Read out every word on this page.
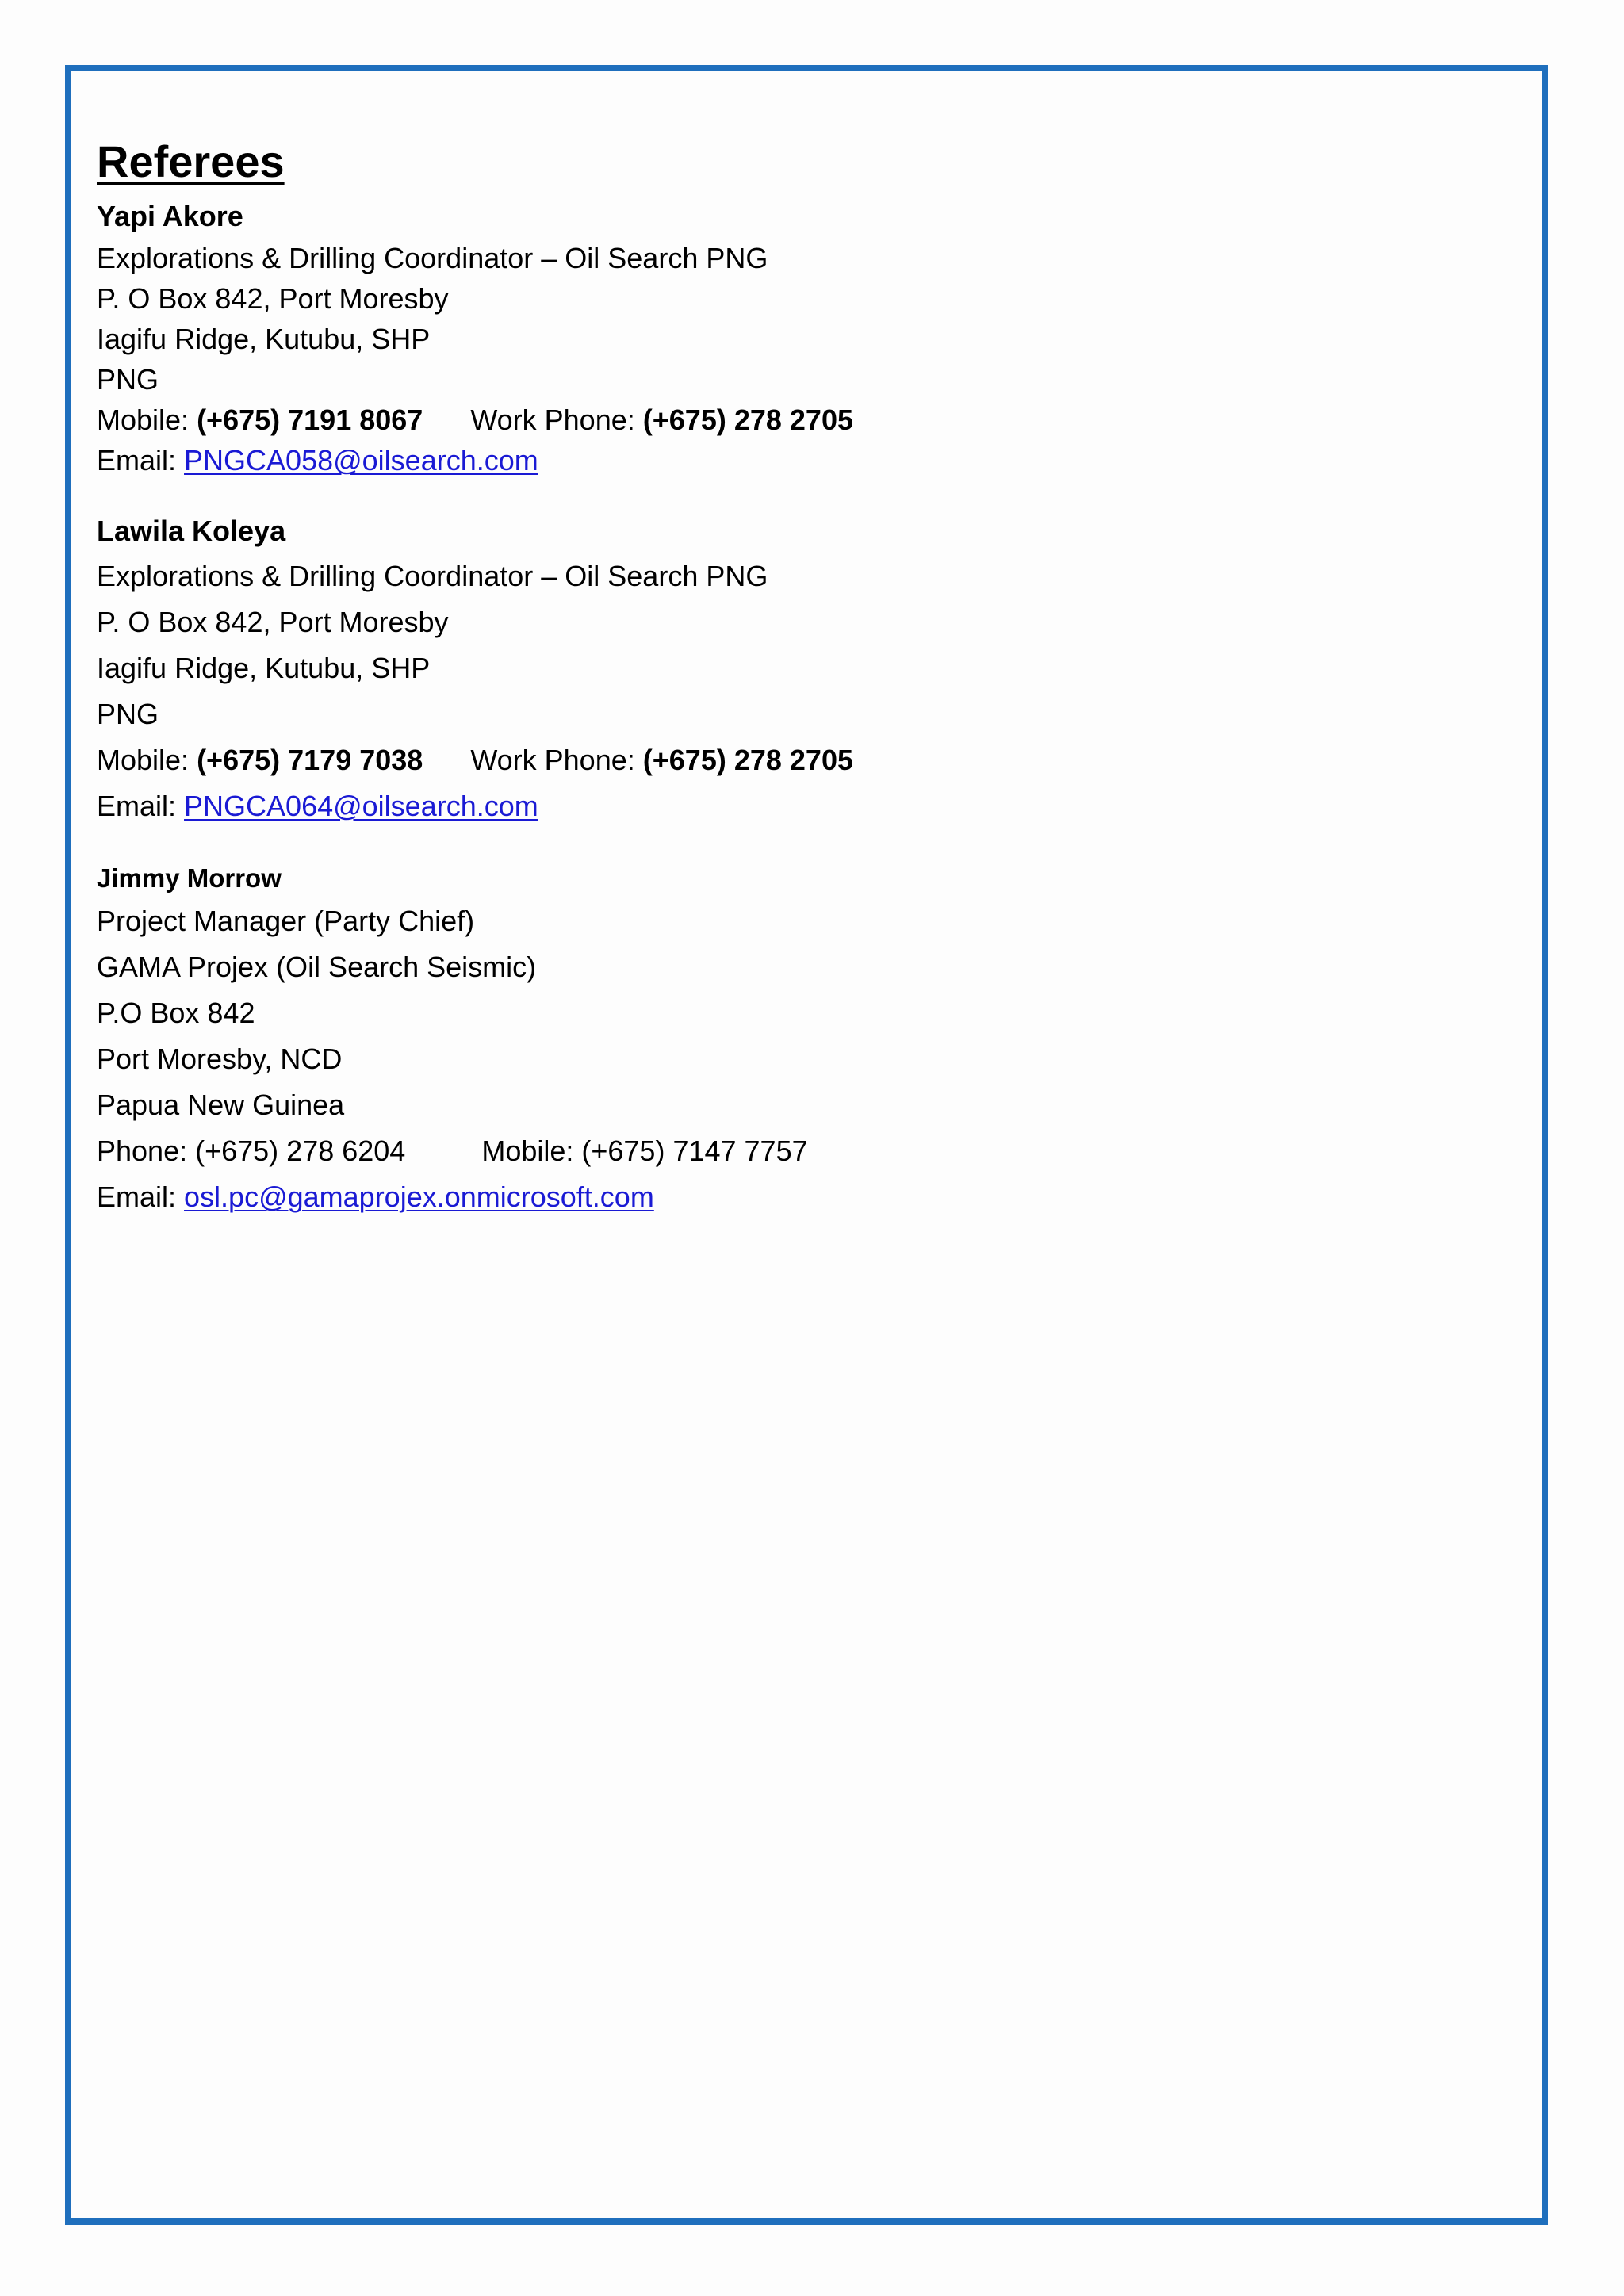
Referees
Yapi Akore
Explorations & Drilling Coordinator – Oil Search PNG
P. O Box 842, Port Moresby
Iagifu Ridge, Kutubu, SHP
PNG
Mobile: (+675) 7191 8067 Work Phone: (+675) 278 2705
Email: PNGCA058@oilsearch.com
Lawila Koleya
Explorations & Drilling Coordinator – Oil Search PNG
P. O Box 842, Port Moresby
Iagifu Ridge, Kutubu, SHP
PNG
Mobile: (+675) 7179 7038 Work Phone: (+675) 278 2705
Email: PNGCA064@oilsearch.com
Jimmy Morrow
Project Manager (Party Chief)
GAMA Projex (Oil Search Seismic)
P.O Box 842
Port Moresby, NCD
Papua New Guinea
Phone: (+675) 278 6204	Mobile: (+675) 7147 7757
Email: osl.pc@gamaprojex.onmicrosoft.com
